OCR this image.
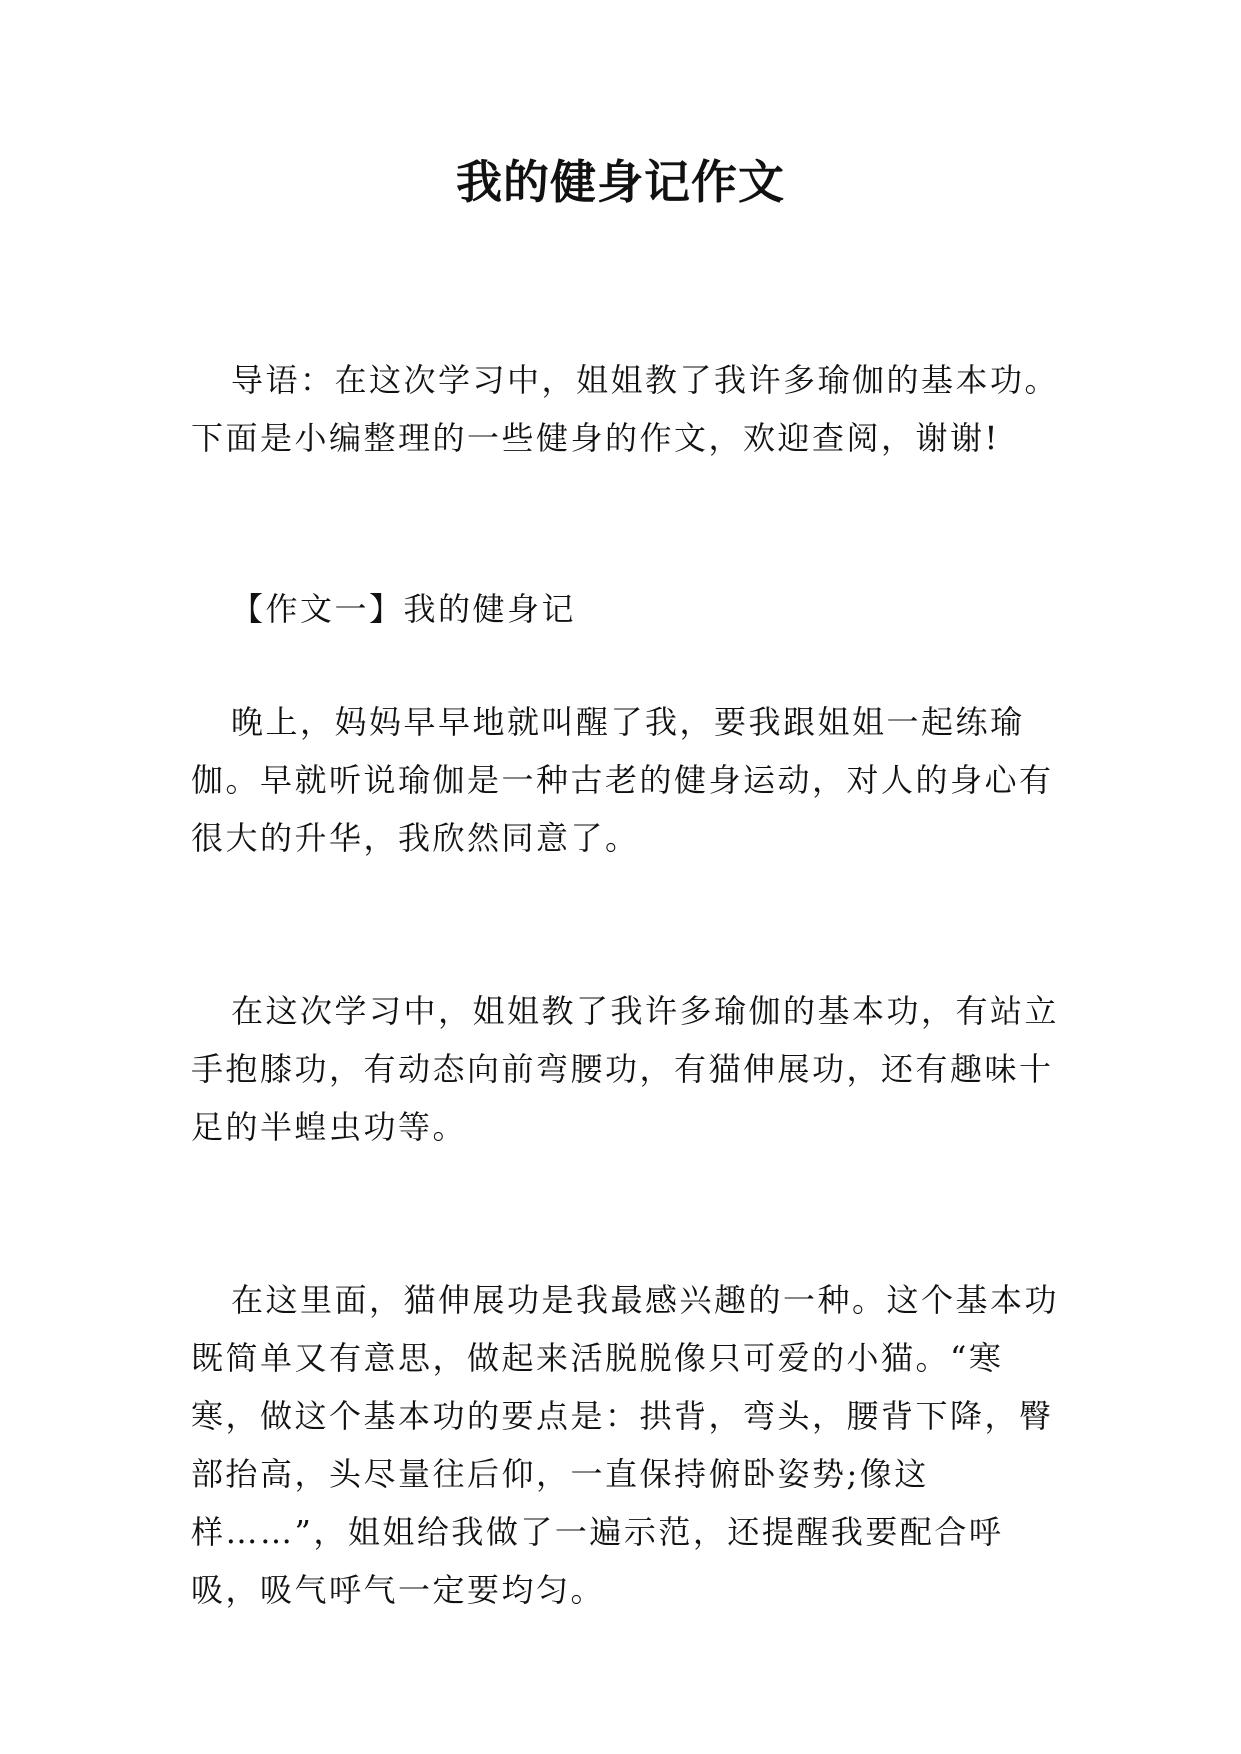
我的健身记作文

导语：在这次学习中，姐姐教了我许多瑜伽的基本功。下面是小编整理的一些健身的作文，欢迎查阅，谢谢!

【作文一】我的健身记

晚上，妈妈早早地就叫醒了我，要我跟姐姐一起练瑜伽。早就听说瑜伽是一种古老的健身运动，对人的身心有很大的升华，我欣然同意了。

在这次学习中，姐姐教了我许多瑜伽的基本功，有站立手抱膝功，有动态向前弯腰功，有猫伸展功，还有趣味十足的半蝗虫功等。

在这里面，猫伸展功是我最感兴趣的一种。这个基本功既简单又有意思，做起来活脱脱像只可爱的小猫。“寒寒，做这个基本功的要点是：拱背，弯头，腰背下降，臀部抬高，头尽量往后仰，一直保持俯卧姿势;像这样……”，姐姐给我做了一遍示范，还提醒我要配合呼吸，吸气呼气一定要均匀。
